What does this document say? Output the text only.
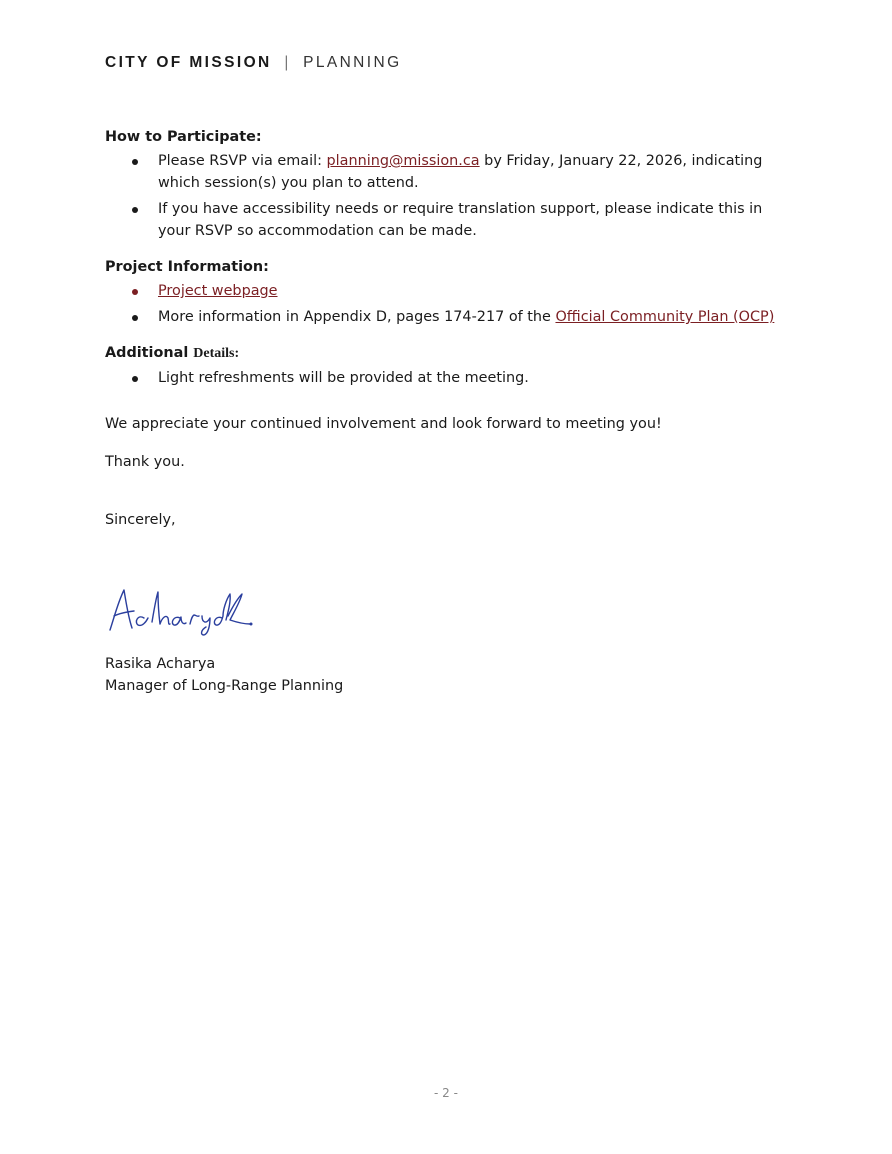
CITY OF MISSION | PLANNING

How to Participate:

Please RSVP via email: planning@mission.ca by Friday, January 22, 2026, indicating which session(s) you plan to attend.
If you have accessibility needs or require translation support, please indicate this in your RSVP so accommodation can be made.

Project Information:

Project webpage
More information in Appendix D, pages 174-217 of the Official Community Plan (OCP)

Additional Details:

Light refreshments will be provided at the meeting.

We appreciate your continued involvement and look forward to meeting you!

Thank you.

Sincerely,

Rasika Acharya
Manager of Long-Range Planning
- 2 -
